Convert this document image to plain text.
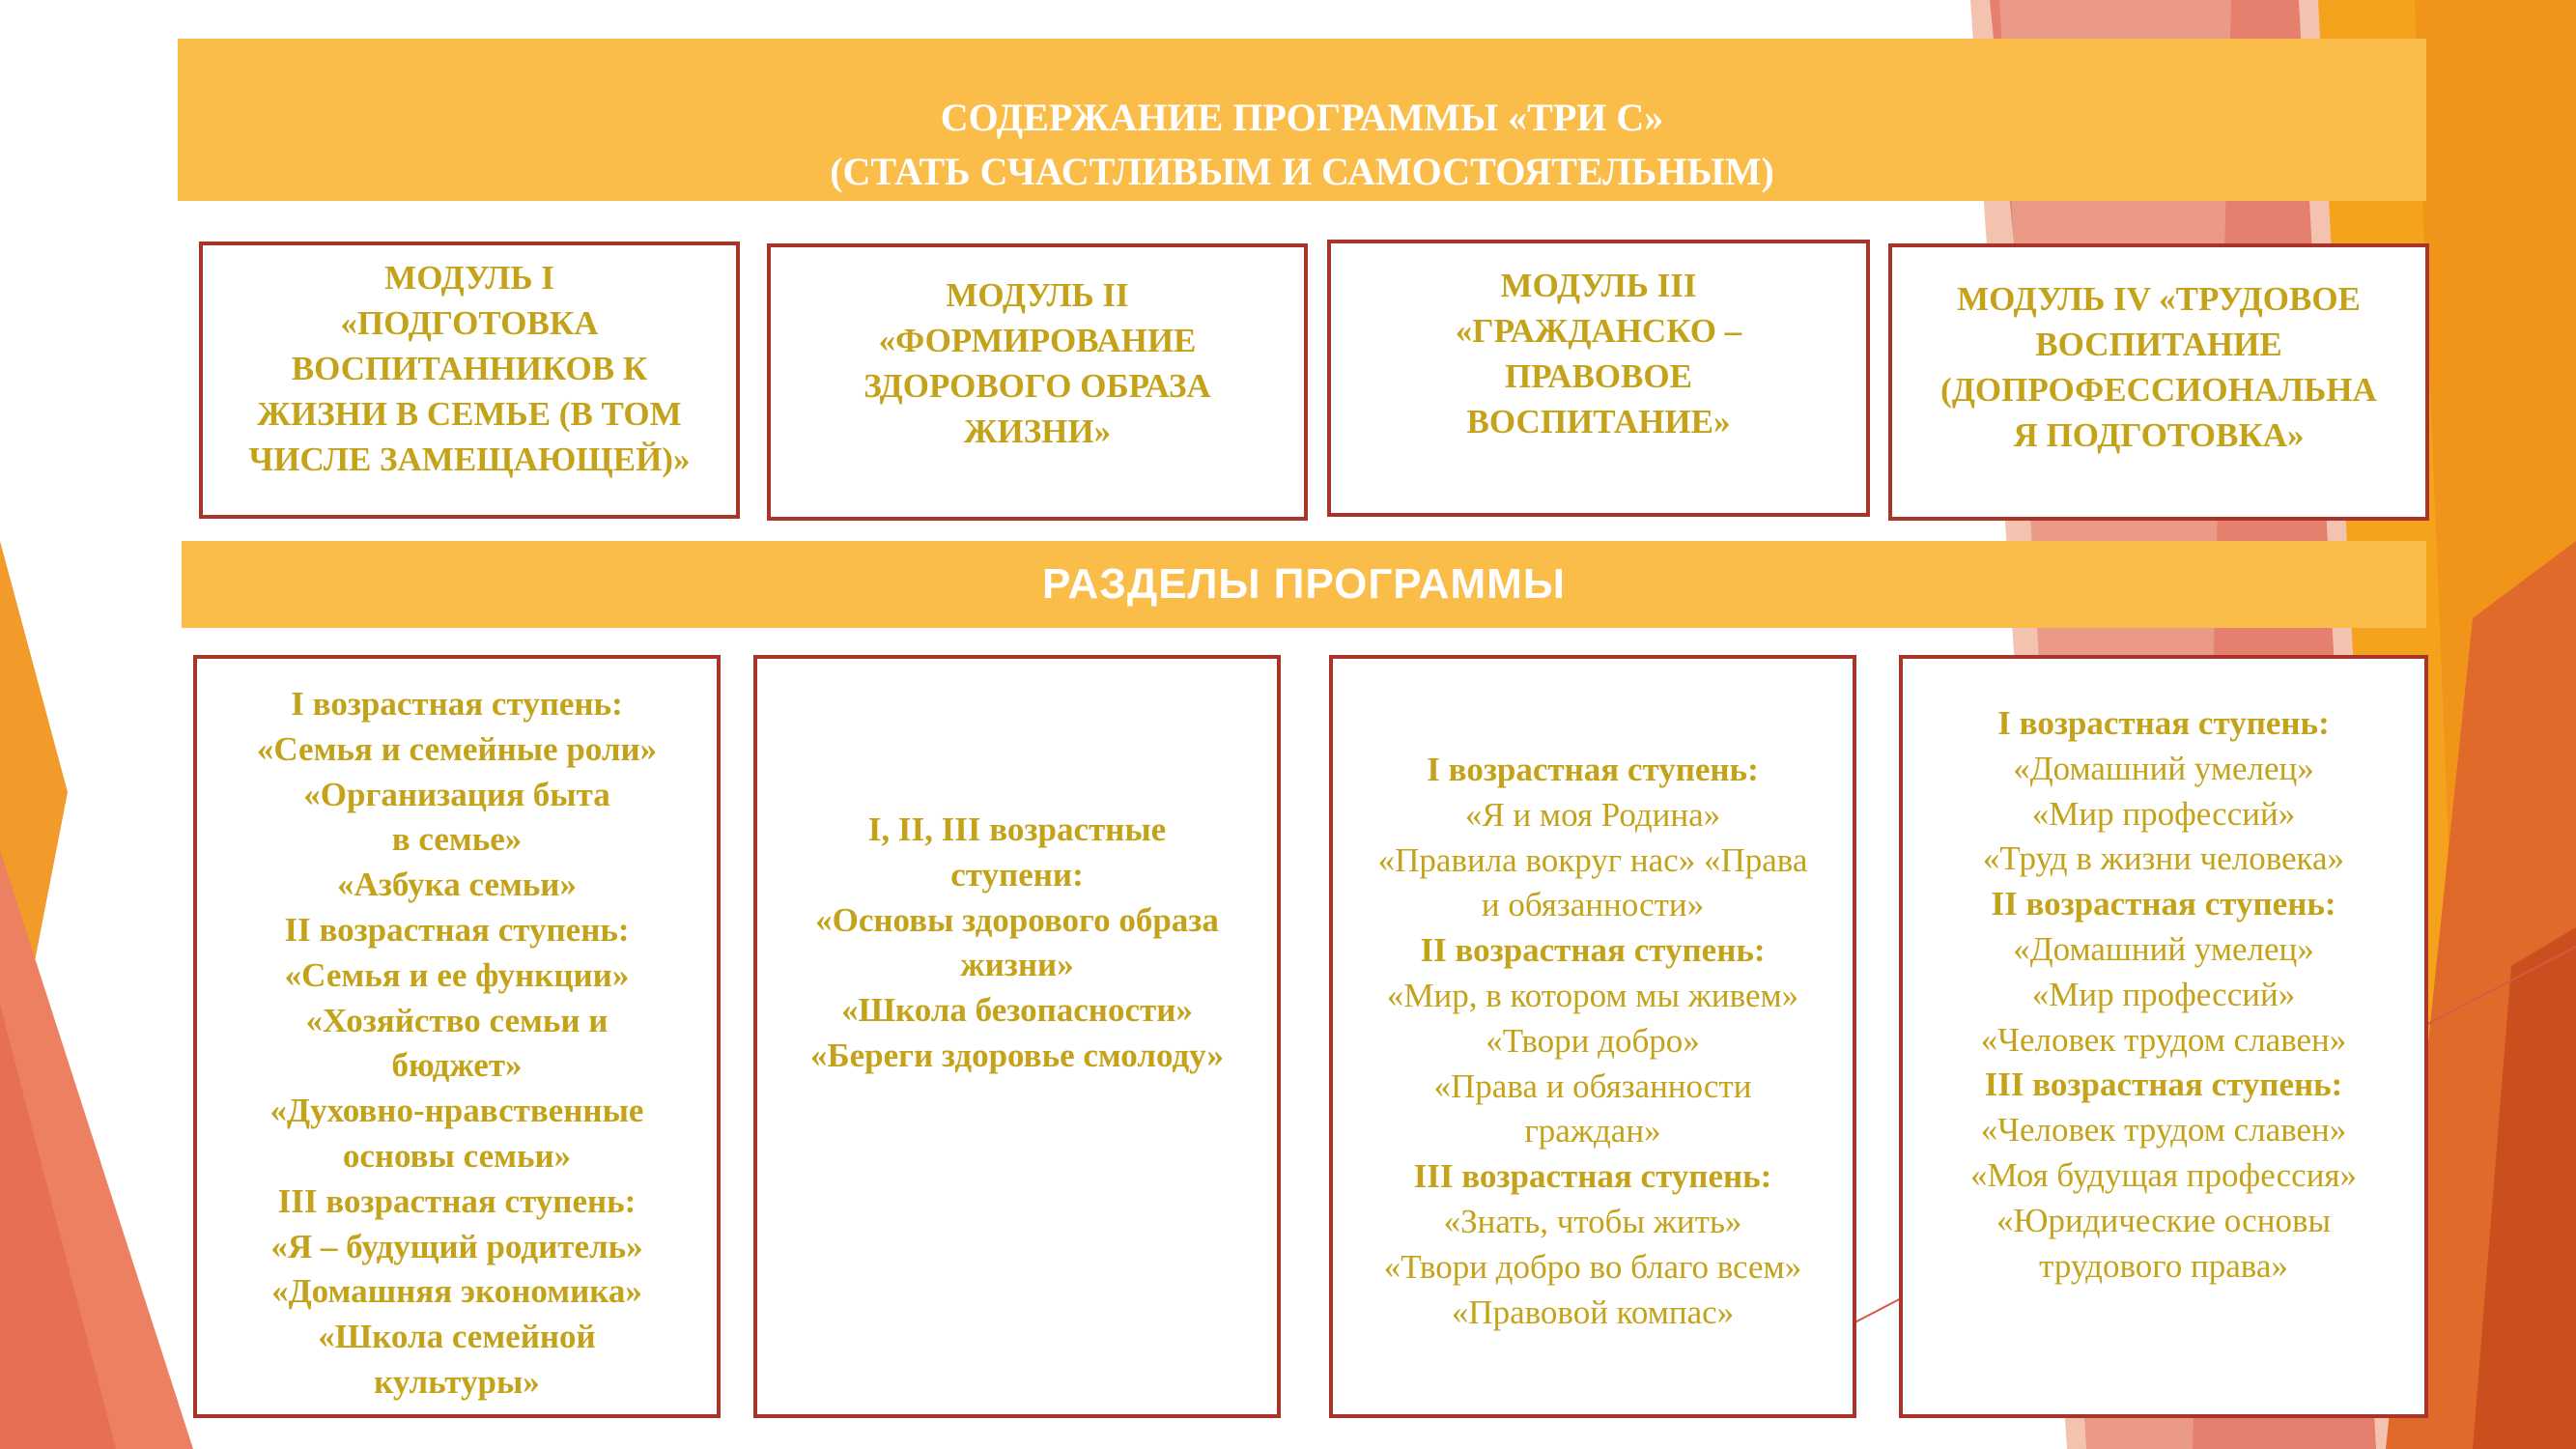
СОДЕРЖАНИЕ ПРОГРАММЫ «ТРИ С»
(СТАТЬ СЧАСТЛИВЫМ И САМОСТОЯТЕЛЬНЫМ)
МОДУЛЬ I
«ПОДГОТОВКА
ВОСПИТАННИКОВ К
ЖИЗНИ В СЕМЬЕ (В ТОМ
ЧИСЛЕ ЗАМЕЩАЮЩЕЙ)»
МОДУЛЬ II
«ФОРМИРОВАНИЕ
ЗДОРОВОГО ОБРАЗА
ЖИЗНИ»
МОДУЛЬ III
«ГРАЖДАНСКО –
ПРАВОВОЕ
ВОСПИТАНИЕ»
МОДУЛЬ IV «ТРУДОВОЕ
ВОСПИТАНИЕ
(ДОПРОФЕССИОНАЛЬНА
Я ПОДГОТОВКА»
РАЗДЕЛЫ ПРОГРАММЫ
I возрастная ступень:
«Семья и семейные роли»
«Организация быта
в семье»
«Азбука семьи»
II возрастная ступень:
«Семья и ее функции»
«Хозяйство семьи и
бюджет»
«Духовно-нравственные
основы семьи»
III возрастная ступень:
«Я – будущий родитель»
«Домашняя экономика»
«Школа семейной
культуры»
I, II, III возрастные
ступени:
«Основы здорового образа
жизни»
«Школа безопасности»
«Береги здоровье смолоду»
I возрастная ступень:
«Я и моя Родина»
«Правила вокруг нас» «Права
и обязанности»
II возрастная ступень:
«Мир, в котором мы живем»
«Твори добро»
«Права и обязанности
граждан»
III возрастная ступень:
«Знать, чтобы жить»
«Твори добро во благо всем»
«Правовой компас»
I возрастная ступень:
«Домашний умелец»
«Мир профессий»
«Труд в жизни человека»
II возрастная ступень:
«Домашний умелец»
«Мир профессий»
«Человек трудом славен»
III возрастная ступень:
«Человек трудом славен»
«Моя будущая профессия»
«Юридические основы
трудового права»
